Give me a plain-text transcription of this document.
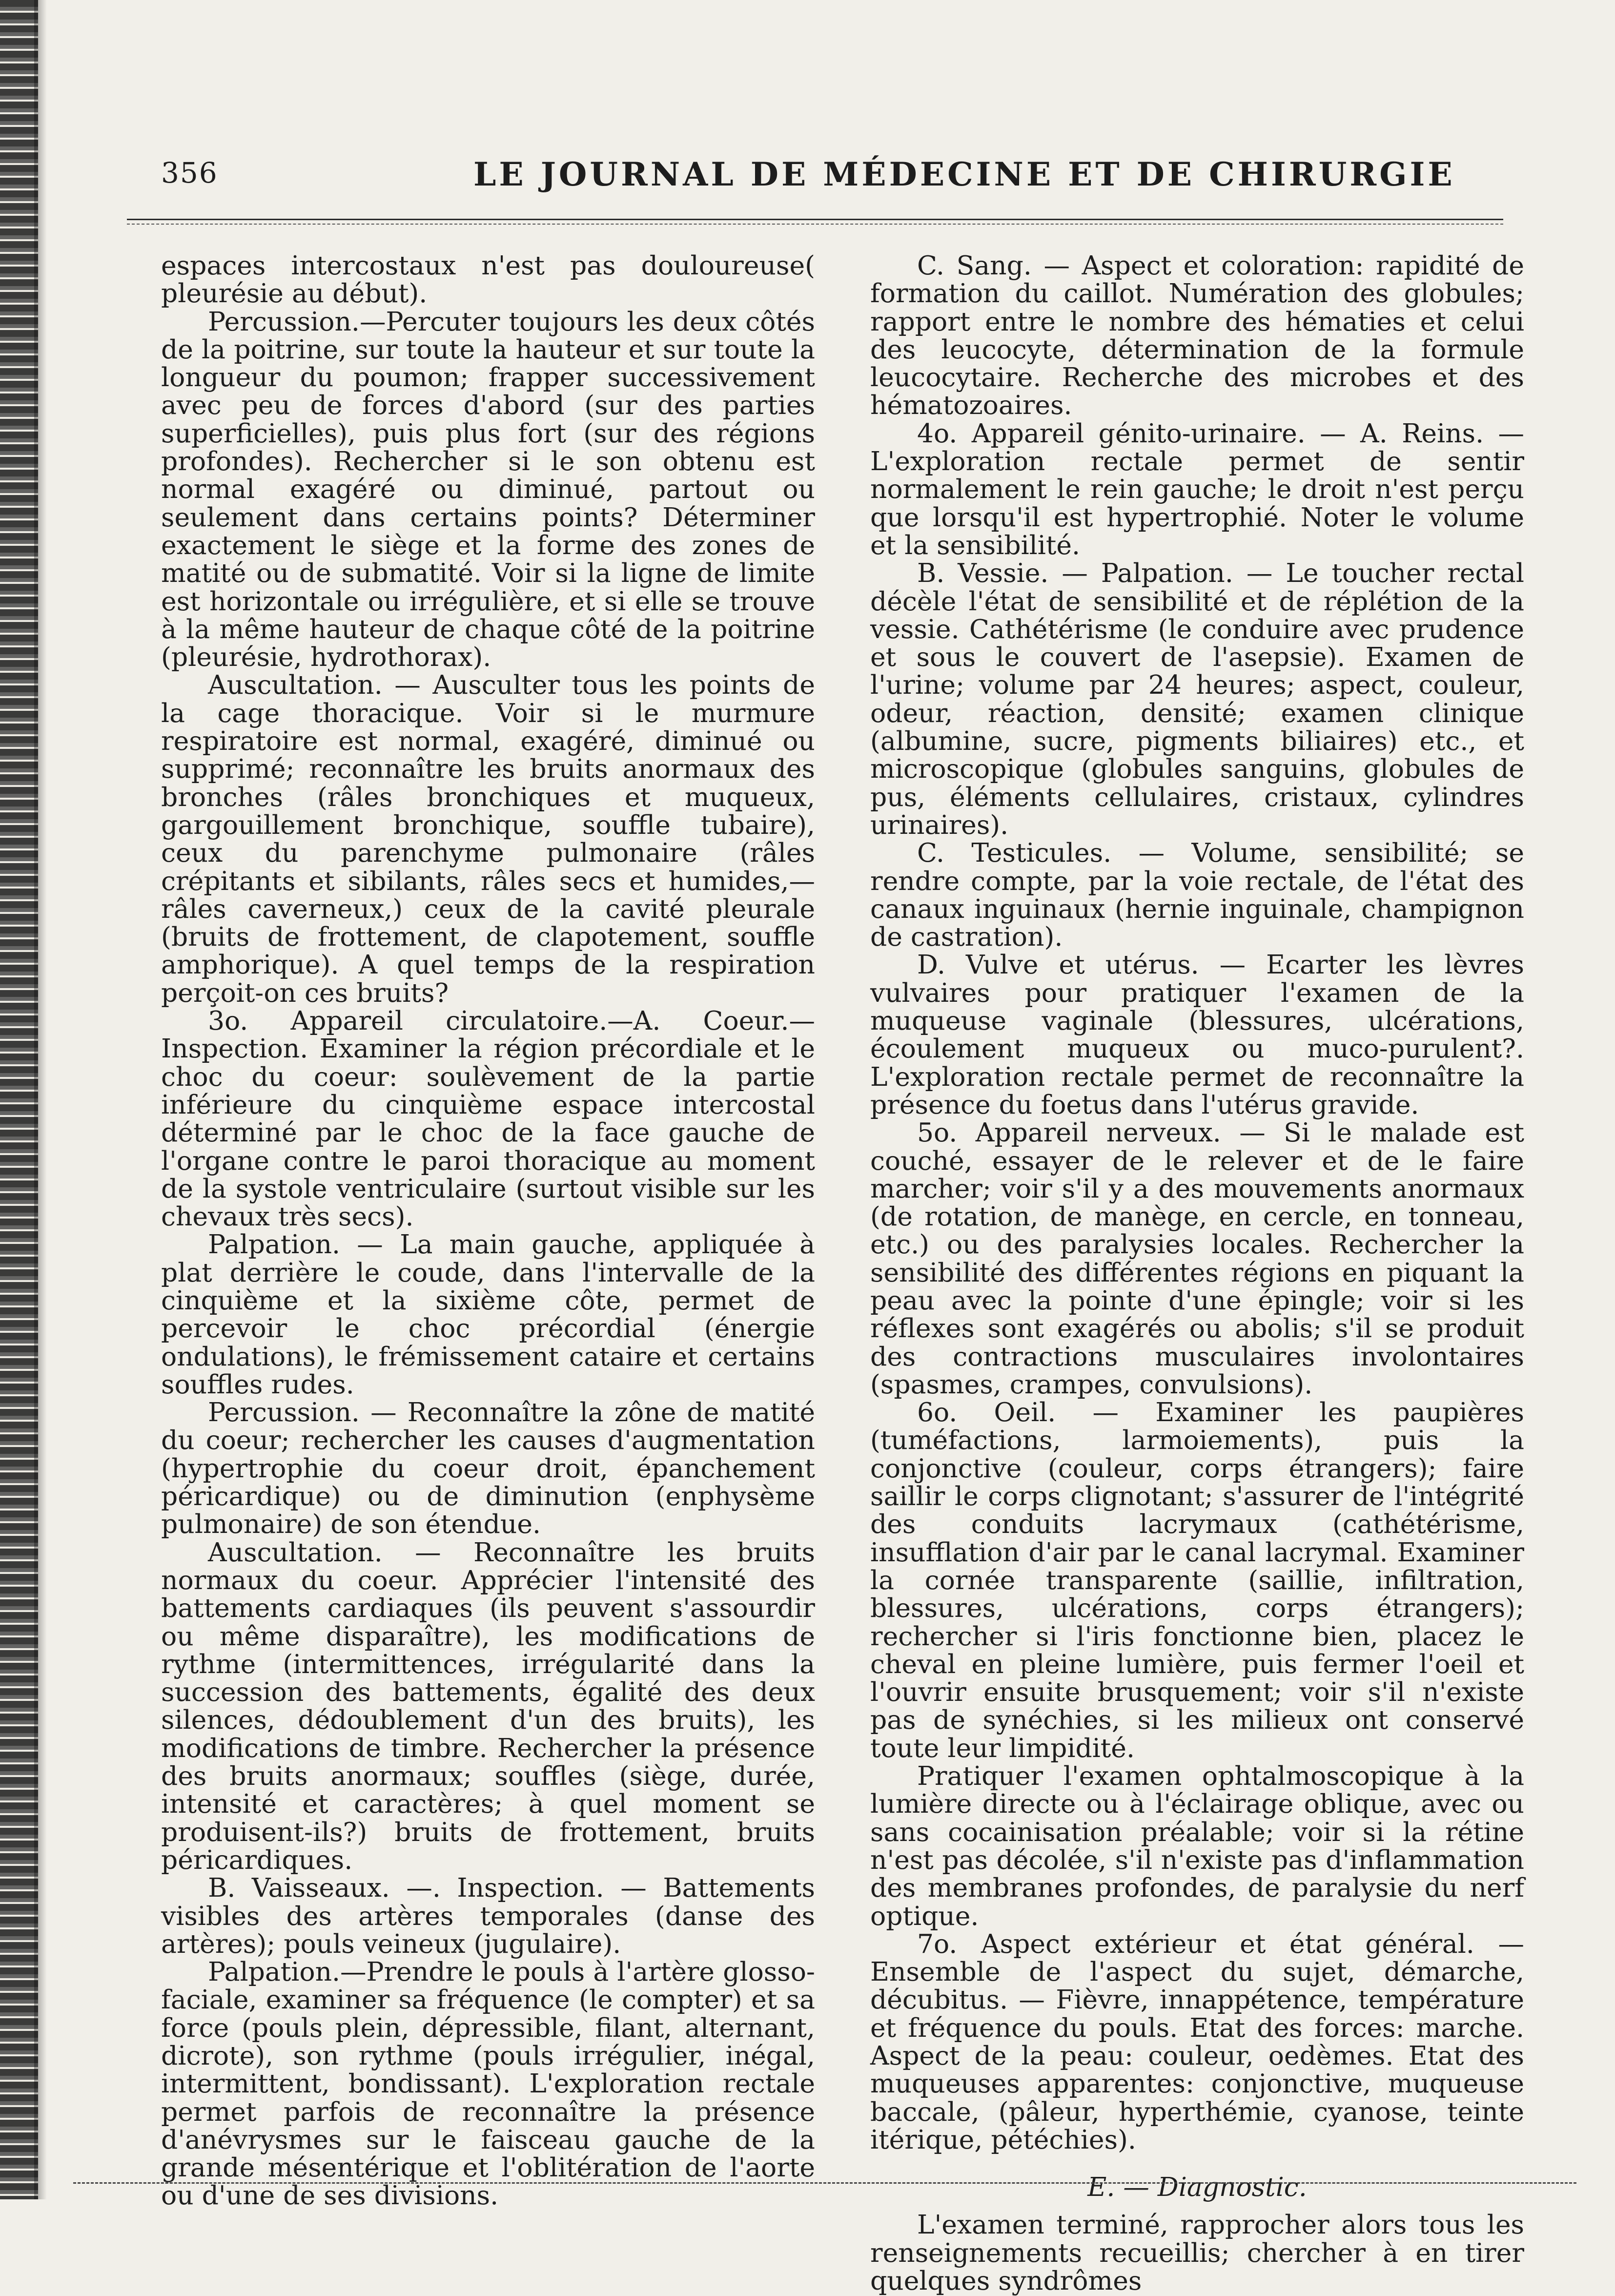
356	LE JOURNAL DE MÉDECINE ET DE CHIRURGIE

espaces intercostaux n'est pas douloureuse( pleurésie au début).

Percussion.—Percuter toujours les deux côtés de la poitrine, sur toute la hauteur et sur toute la longueur du poumon; frapper successivement avec peu de forces d'abord (sur des parties superficielles), puis plus fort (sur des régions profondes). Rechercher si le son obtenu est normal exagéré ou diminué, partout ou seulement dans certains points? Déterminer exactement le siège et la forme des zones de matité ou de submatité. Voir si la ligne de limite est horizontale ou irrégulière, et si elle se trouve à la même hauteur de chaque côté de la poitrine (pleurésie, hydrothorax).

Auscultation. — Ausculter tous les points de la cage thoracique. Voir si le murmure respiratoire est normal, exagéré, diminué ou supprimé; reconnaître les bruits anormaux des bronches (râles bronchiques et muqueux, gargouillement bronchique, souffle tubaire), ceux du parenchyme pulmonaire (râles crépitants et sibilants, râles secs et humides,—râles caverneux,) ceux de la cavité pleurale (bruits de frottement, de clapotement, souffle amphorique). A quel temps de la respiration perçoit-on ces bruits?

3o. Appareil circulatoire.—A. Coeur.—Inspection. Examiner la région précordiale et le choc du coeur: soulèvement de la partie inférieure du cinquième espace intercostal déterminé par le choc de la face gauche de l'organe contre le paroi thoracique au moment de la systole ventriculaire (surtout visible sur les chevaux très secs).

Palpation. — La main gauche, appliquée à plat derrière le coude, dans l'intervalle de la cinquième et la sixième côte, permet de percevoir le choc précordial (énergie ondulations), le frémissement cataire et certains souffles rudes.

Percussion. — Reconnaître la zône de matité du coeur; rechercher les causes d'augmentation (hypertrophie du coeur droit, épanchement péricardique) ou de diminution (enphysème pulmonaire) de son étendue.

Auscultation. — Reconnaître les bruits normaux du coeur. Apprécier l'intensité des battements cardiaques (ils peuvent s'assourdir ou même disparaître), les modifications de rythme (intermittences, irrégularité dans la succession des battements, égalité des deux silences, dédoublement d'un des bruits), les modifications de timbre. Rechercher la présence des bruits anormaux; souffles (siège, durée, intensité et caractères; à quel moment se produisent-ils?) bruits de frottement, bruits péricardiques.

B. Vaisseaux. —. Inspection. — Battements visibles des artères temporales (danse des artères); pouls veineux (jugulaire).

Palpation.—Prendre le pouls à l'artère glosso-faciale, examiner sa fréquence (le compter) et sa force (pouls plein, dépressible, filant, alternant, dicrote), son rythme (pouls irrégulier, inégal, intermittent, bondissant). L'exploration rectale permet parfois de reconnaître la présence d'anévrysmes sur le faisceau gauche de la grande mésentérique et l'oblitération de l'aorte ou d'une de ses divisions.

C. Sang. — Aspect et coloration: rapidité de formation du caillot. Numération des globules; rapport entre le nombre des hématies et celui des leucocyte, détermination de la formule leucocytaire. Recherche des microbes et des hématozoaires.

4o. Appareil génito-urinaire. — A. Reins. — L'exploration rectale permet de sentir normalement le rein gauche; le droit n'est perçu que lorsqu'il est hypertrophié. Noter le volume et la sensibilité.

B. Vessie. — Palpation. — Le toucher rectal décèle l'état de sensibilité et de réplétion de la vessie. Cathétérisme (le conduire avec prudence et sous le couvert de l'asepsie). Examen de l'urine; volume par 24 heures; aspect, couleur, odeur, réaction, densité; examen clinique (albumine, sucre, pigments biliaires) etc., et microscopique (globules sanguins, globules de pus, éléments cellulaires, cristaux, cylindres urinaires).

C. Testicules. — Volume, sensibilité; se rendre compte, par la voie rectale, de l'état des canaux inguinaux (hernie inguinale, champignon de castration).

D. Vulve et utérus. — Ecarter les lèvres vulvaires pour pratiquer l'examen de la muqueuse vaginale (blessures, ulcérations, écoulement muqueux ou muco-purulent?. L'exploration rectale permet de reconnaître la présence du foetus dans l'utérus gravide.

5o. Appareil nerveux. — Si le malade est couché, essayer de le relever et de le faire marcher; voir s'il y a des mouvements anormaux (de rotation, de manège, en cercle, en tonneau, etc.) ou des paralysies locales. Rechercher la sensibilité des différentes régions en piquant la peau avec la pointe d'une épingle; voir si les réflexes sont exagérés ou abolis; s'il se produit des contractions musculaires involontaires (spasmes, crampes, convulsions).

6o. Oeil. — Examiner les paupières (tuméfactions, larmoiements), puis la conjonctive (couleur, corps étrangers); faire saillir le corps clignotant; s'assurer de l'intégrité des conduits lacrymaux (cathétérisme, insufflation d'air par le canal lacrymal. Examiner la cornée transparente (saillie, infiltration, blessures, ulcérations, corps étrangers); rechercher si l'iris fonctionne bien, placez le cheval en pleine lumière, puis fermer l'oeil et l'ouvrir ensuite brusquement; voir s'il n'existe pas de synéchies, si les milieux ont conservé toute leur limpidité.

Pratiquer l'examen ophtalmoscopique à la lumière directe ou à l'éclairage oblique, avec ou sans cocainisation préalable; voir si la rétine n'est pas décolée, s'il n'existe pas d'inflammation des membranes profondes, de paralysie du nerf optique.

7o. Aspect extérieur et état général. — Ensemble de l'aspect du sujet, démarche, décubitus. — Fièvre, innappétence, température et fréquence du pouls. Etat des forces: marche. Aspect de la peau: couleur, oedèmes. Etat des muqueuses apparentes: conjonctive, muqueuse baccale, (pâleur, hyperthémie, cyanose, teinte itérique, pétéchies).

E. — Diagnostic.

L'examen terminé, rapprocher alors tous les renseignements recueillis; chercher à en tirer quelques syndrômes
